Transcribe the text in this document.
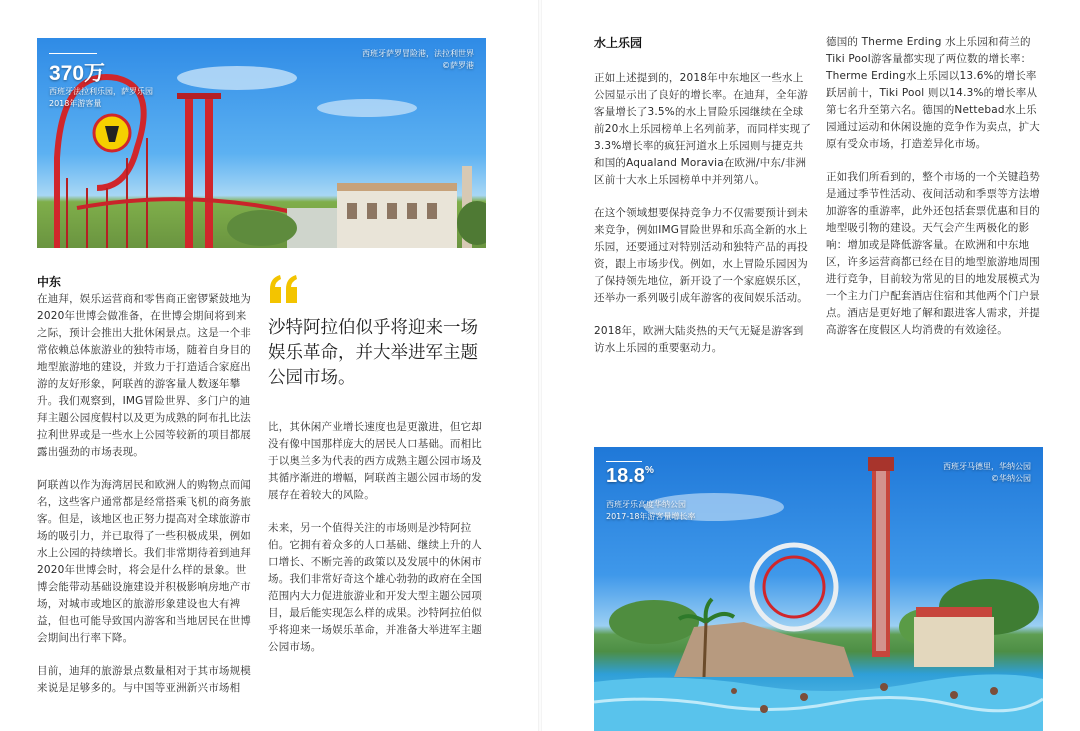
370万
西班牙法拉利乐园，萨罗乐园
2018年游客量
西班牙萨罗冒险港，法拉利世界
©萨罗港
中东

在迪拜，娱乐运营商和零售商正密锣紧鼓地为2020年世博会做准备，在世博会期间将到来之际，预计会推出大批休闲景点。这是一个非常依赖总体旅游业的独特市场，随着自身目的地型旅游地的建设，并致力于打造适合家庭出游的友好形象，阿联酋的游客量人数逐年攀升。我们观察到，IMG冒险世界、多门户的迪拜主题公园度假村以及更为成熟的阿布扎比法拉利世界或是一些水上公园等较新的项目都展露出强劲的市场表现。

阿联酋以作为海湾居民和欧洲人的购物点而闻名，这些客户通常都是经常搭乘飞机的商务旅客。但是，该地区也正努力提高对全球旅游市场的吸引力，并已取得了一些积极成果，例如水上公园的持续增长。我们非常期待着到迪拜2020年世博会时，将会是什么样的景象。世博会能带动基础设施建设并积极影响房地产市场，对城市或地区的旅游形象建设也大有裨益，但也可能导致国内游客和当地居民在世博会期间出行率下降。

目前，迪拜的旅游景点数量相对于其市场规模来说是足够多的。与中国等亚洲新兴市场相

沙特阿拉伯似乎将迎来一场娱乐革命，并大举进军主题公园市场。

比，其休闲产业增长速度也是更激进，但它却没有像中国那样庞大的居民人口基础。而相比于以奥兰多为代表的西方成熟主题公园市场及其循序渐进的增幅，阿联酋主题公园市场的发展存在着较大的风险。

未来，另一个值得关注的市场则是沙特阿拉伯。它拥有着众多的人口基础、继续上升的人口增长、不断完善的政策以及发展中的休闲市场。我们非常好奇这个雄心勃勃的政府在全国范围内大力促进旅游业和开发大型主题公园项目，最后能实现怎么样的成果。沙特阿拉伯似乎将迎来一场娱乐革命，并准备大举进军主题公园市场。

水上乐园

正如上述提到的，2018年中东地区一些水上公园显示出了良好的增长率。在迪拜，全年游客量增长了3.5%的水上冒险乐园继续在全球前20水上乐园榜单上名列前茅，而同样实现了3.3%增长率的疯狂河道水上乐园则与捷克共和国的Aqualand Moravia在欧洲/中东/非洲区前十大水上乐园榜单中并列第八。

在这个领域想要保持竞争力不仅需要预计到未来竞争，例如IMG冒险世界和乐高全新的水上乐园，还要通过对特别活动和独特产品的再投资，跟上市场步伐。例如，水上冒险乐园因为了保持领先地位，新开设了一个家庭娱乐区，还举办一系列吸引成年游客的夜间娱乐活动。

2018年，欧洲大陆炎热的天气无疑是游客到访水上乐园的重要驱动力。

德国的 Therme Erding 水上乐园和荷兰的 Tiki Pool游客量都实现了两位数的增长率：Therme Erding水上乐园以13.6%的增长率跃居前十，Tiki Pool 则以14.3%的增长率从第七名升至第六名。德国的Nettebad水上乐园通过运动和休闲设施的竞争作为卖点，扩大原有受众市场，打造差异化市场。

正如我们所看到的，整个市场的一个关键趋势是通过季节性活动、夜间活动和季票等方法增加游客的重游率，此外还包括套票优惠和目的地型吸引物的建设。天气会产生两极化的影响：增加或是降低游客量。在欧洲和中东地区，许多运营商都已经在目的地型旅游地周围进行竞争，目前较为常见的目的地发展模式为一个主力门户配套酒店住宿和其他两个门户景点。酒店是更好地了解和跟进客人需求，并提高游客在度假区人均消费的有效途径。

18.8%
西班牙乐高度华纳公园
2017-18年游客量增长率
西班牙马德里，华纳公园
©华纳公园
